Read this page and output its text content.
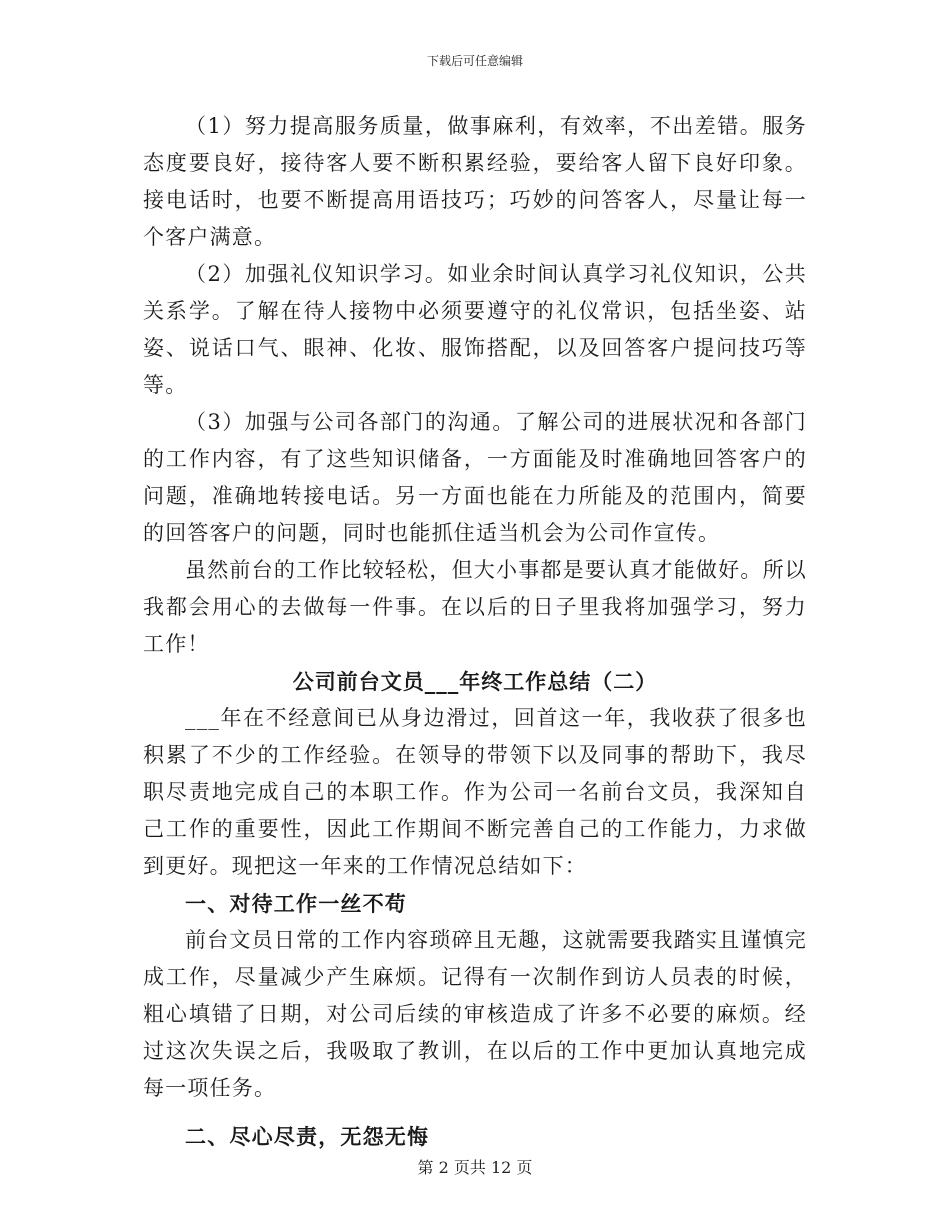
下载后可任意编辑

（1）努力提高服务质量，做事麻利，有效率，不出差错。服务态度要良好，接待客人要不断积累经验，要给客人留下良好印象。接电话时，也要不断提高用语技巧；巧妙的问答客人，尽量让每一个客户满意。

（2）加强礼仪知识学习。如业余时间认真学习礼仪知识，公共关系学。了解在待人接物中必须要遵守的礼仪常识，包括坐姿、站姿、说话口气、眼神、化妆、服饰搭配，以及回答客户提问技巧等等。

（3）加强与公司各部门的沟通。了解公司的进展状况和各部门的工作内容，有了这些知识储备，一方面能及时准确地回答客户的问题，准确地转接电话。另一方面也能在力所能及的范围内，简要的回答客户的问题，同时也能抓住适当机会为公司作宣传。

虽然前台的工作比较轻松，但大小事都是要认真才能做好。所以我都会用心的去做每一件事。在以后的日子里我将加强学习，努力工作！

公司前台文员___年终工作总结（二）

___年在不经意间已从身边滑过，回首这一年，我收获了很多也积累了不少的工作经验。在领导的带领下以及同事的帮助下，我尽职尽责地完成自己的本职工作。作为公司一名前台文员，我深知自己工作的重要性，因此工作期间不断完善自己的工作能力，力求做到更好。现把这一年来的工作情况总结如下：

一、对待工作一丝不苟

前台文员日常的工作内容琐碎且无趣，这就需要我踏实且谨慎完成工作，尽量减少产生麻烦。记得有一次制作到访人员表的时候，粗心填错了日期，对公司后续的审核造成了许多不必要的麻烦。经过这次失误之后，我吸取了教训，在以后的工作中更加认真地完成每一项任务。

二、尽心尽责，无怨无悔

第 2 页共 12 页
